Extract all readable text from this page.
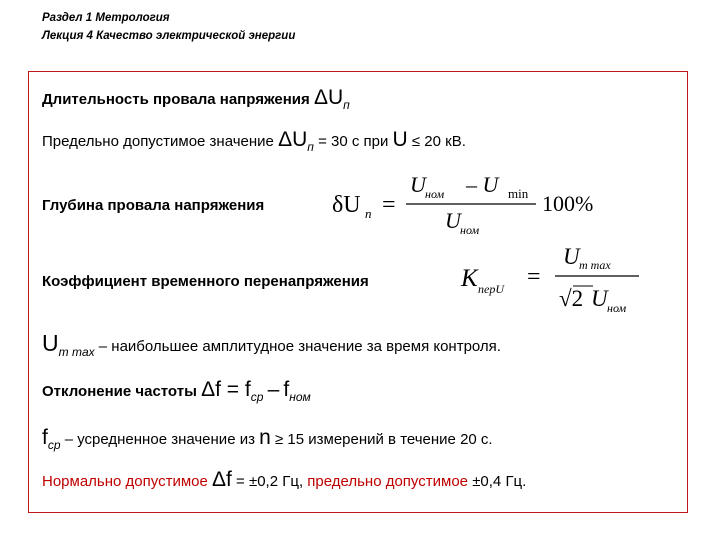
Раздел 1 Метрология
Лекция 4 Качество электрической энергии
Длительность провала напряжения $\Delta U_п$
Предельно допустимое значение $\Delta U_п = 30$ с при U ≤ 20 кВ.
Глубина провала напряжения	δU п =
U ном – U min
U ном
100%
Коэффициент временного перенапряжения	K перU =
U m max
√2 U ном
$U_{m max}$ – наибольшее амплитудное значение за время контроля.
Отклонение частоты $\Delta f = f_{ср} - f_{ном}$
$f_{ср}$ – усредненное значение из n ≥ 15 измерений в течение 20 с.
Нормально допустимое Δf = ±0,2 Гц, предельно допустимое ±0,4 Гц.
